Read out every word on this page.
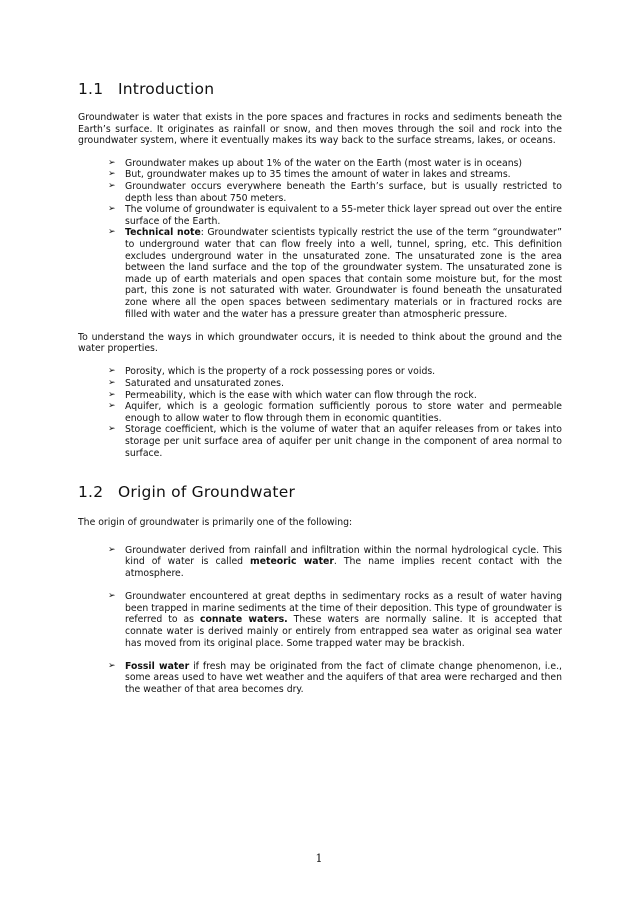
1.1 Introduction

Groundwater is water that exists in the pore spaces and fractures in rocks and sediments beneath the Earth’s surface. It originates as rainfall or snow, and then moves through the soil and rock into the groundwater system, where it eventually makes its way back to the surface streams, lakes, or oceans.

➢ Groundwater makes up about 1% of the water on the Earth (most water is in oceans)
➢ But, groundwater makes up to 35 times the amount of water in lakes and streams.
➢ Groundwater occurs everywhere beneath the Earth’s surface, but is usually restricted to depth less than about 750 meters.
➢ The volume of groundwater is equivalent to a 55-meter thick layer spread out over the entire surface of the Earth.
➢ Technical note: Groundwater scientists typically restrict the use of the term “groundwater” to underground water that can flow freely into a well, tunnel, spring, etc. This definition excludes underground water in the unsaturated zone. The unsaturated zone is the area between the land surface and the top of the groundwater system. The unsaturated zone is made up of earth materials and open spaces that contain some moisture but, for the most part, this zone is not saturated with water. Groundwater is found beneath the unsaturated zone where all the open spaces between sedimentary materials or in fractured rocks are filled with water and the water has a pressure greater than atmospheric pressure.

To understand the ways in which groundwater occurs, it is needed to think about the ground and the water properties.

➢ Porosity, which is the property of a rock possessing pores or voids.
➢ Saturated and unsaturated zones.
➢ Permeability, which is the ease with which water can flow through the rock.
➢ Aquifer, which is a geologic formation sufficiently porous to store water and permeable enough to allow water to flow through them in economic quantities.
➢ Storage coefficient, which is the volume of water that an aquifer releases from or takes into storage per unit surface area of aquifer per unit change in the component of area normal to surface.
1.2 Origin of Groundwater

The origin of groundwater is primarily one of the following:

➢ Groundwater derived from rainfall and infiltration within the normal hydrological cycle. This kind of water is called meteoric water. The name implies recent contact with the atmosphere.
➢ Groundwater encountered at great depths in sedimentary rocks as a result of water having been trapped in marine sediments at the time of their deposition. This type of groundwater is referred to as connate waters. These waters are normally saline. It is accepted that connate water is derived mainly or entirely from entrapped sea water as original sea water has moved from its original place. Some trapped water may be brackish.
➢ Fossil water if fresh may be originated from the fact of climate change phenomenon, i.e., some areas used to have wet weather and the aquifers of that area were recharged and then the weather of that area becomes dry.
1
